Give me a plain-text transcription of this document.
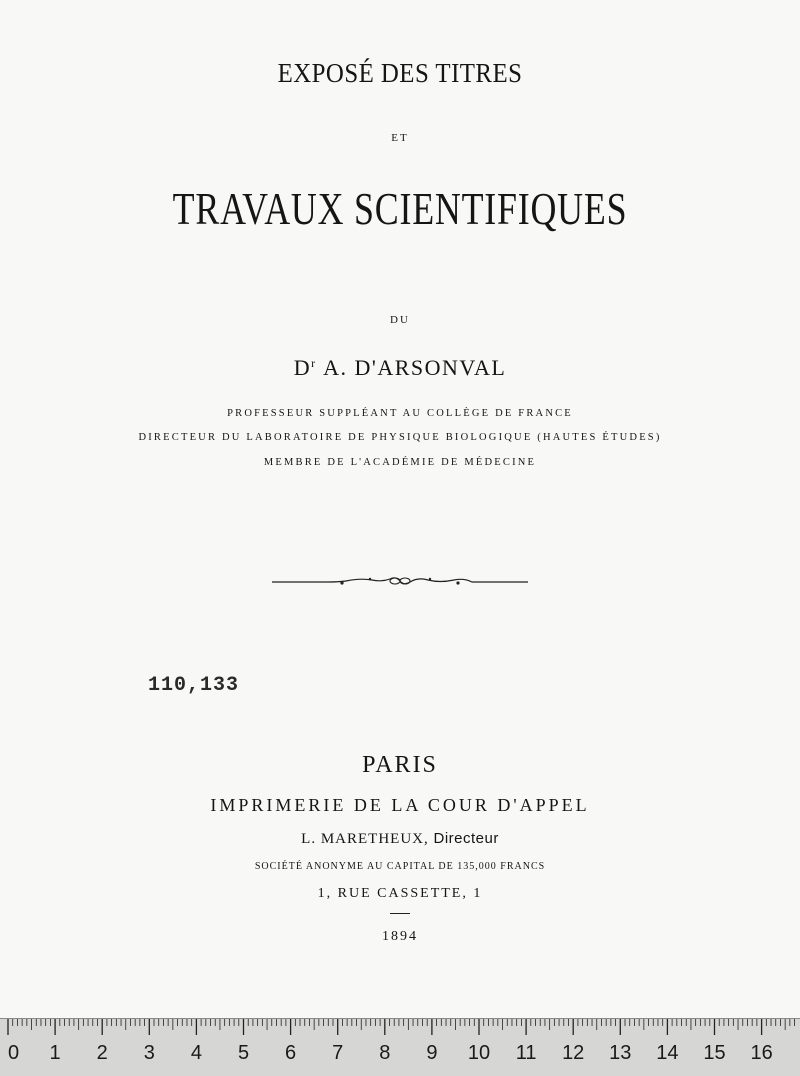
EXPOSÉ DES TITRES
ET
TRAVAUX SCIENTIFIQUES
DU
$D^r$ A. D'ARSONVAL
PROFESSEUR SUPPLÉANT AU COLLÈGE DE FRANCE
DIRECTEUR DU LABORATOIRE DE PHYSIQUE BIOLOGIQUE (HAUTES ÉTUDES)
MEMBRE DE L'ACADÉMIE DE MÉDECINE
110,133
PARIS
IMPRIMERIE DE LA COUR D'APPEL
L. MARETHEUX, Directeur
SOCIÉTÉ ANONYME AU CAPITAL DE 135,000 FRANCS
1, RUE CASSETTE, 1
1894
0 1 2 3 4 5 6 7 8 9 10 11 12 13 14 15 16
